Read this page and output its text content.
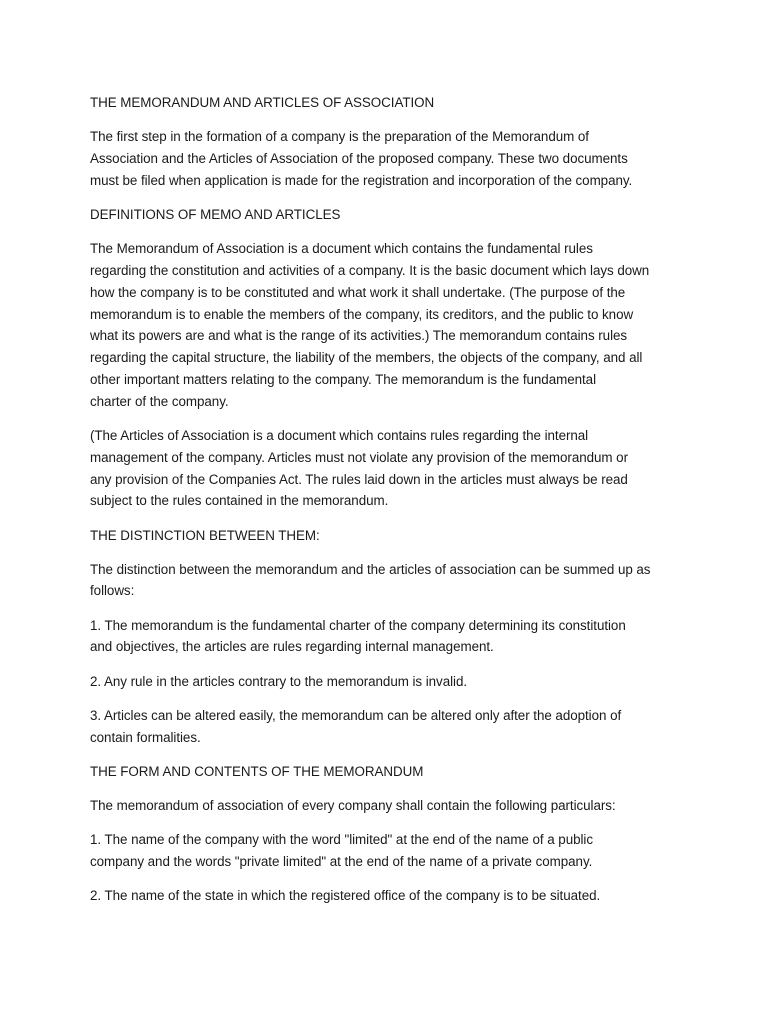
THE MEMORANDUM AND ARTICLES OF ASSOCIATION

The first step in the formation of a company is the preparation of the Memorandum of
Association and the Articles of Association of the proposed company. These two documents
must be filed when application is made for the registration and incorporation of the company.

DEFINITIONS OF MEMO AND ARTICLES

The Memorandum of Association is a document which contains the fundamental rules
regarding the constitution and activities of a company. It is the basic document which lays down
how the company is to be constituted and what work it shall undertake. (The purpose of the
memorandum is to enable the members of the company, its creditors, and the public to know
what its powers are and what is the range of its activities.) The memorandum contains rules
regarding the capital structure, the liability of the members, the objects of the company, and all
other important matters relating to the company. The memorandum is the fundamental
charter of the company.

(The Articles of Association is a document which contains rules regarding the internal
management of the company. Articles must not violate any provision of the memorandum or
any provision of the Companies Act. The rules laid down in the articles must always be read
subject to the rules contained in the memorandum.

THE DISTINCTION BETWEEN THEM:

The distinction between the memorandum and the articles of association can be summed up as
follows:

1. The memorandum is the fundamental charter of the company determining its constitution
and objectives, the articles are rules regarding internal management.

2. Any rule in the articles contrary to the memorandum is invalid.

3. Articles can be altered easily, the memorandum can be altered only after the adoption of
contain formalities.

THE FORM AND CONTENTS OF THE MEMORANDUM

The memorandum of association of every company shall contain the following particulars:

1. The name of the company with the word "limited" at the end of the name of a public
company and the words "private limited" at the end of the name of a private company.

2. The name of the state in which the registered office of the company is to be situated.
